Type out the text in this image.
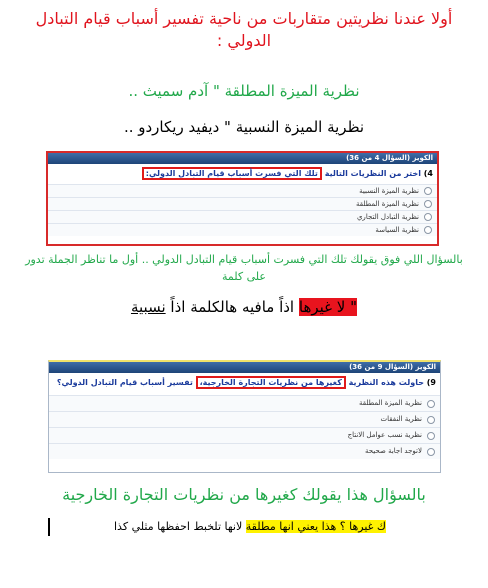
أولا عندنا نظريتين متقاربات من ناحية تفسير أسباب قيام التبادل الدولي :
نظرية الميزة المطلقة " آدم سميث ..
نظرية الميزة النسبية " ديفيد ريكاردو ..
الكويز (السؤال 4 من 36)
4) اختر من النظريات التالية تلك التي فسرت أسباب قيام التبادل الدولي:
نظرية الميزة النسبية
نظرية الميزة المطلقة
نظرية التبادل التجاري
نظرية السياسة
بالسؤال اللي فوق يقولك تلك التي فسرت أسباب قيام التبادل الدولي .. أول ما تناظر الجملة تدور على كلمة
" لا غيرها اذاً مافيه هالكلمة اذاً نسبية
الكويز (السؤال 9 من 36)
9) حاولت هذه النظرية كغيرها من نظريات التجارة الخارجية، تفسير أسباب قيام التبادل الدولي؟
نظرية الميزة المطلقة
نظرية النفقات
نظرية نسب عوامل الانتاج
لاتوجد اجابة صحيحة
بالسؤال هذا يقولك كغيرها من نظريات التجارة الخارجية
ك غيرها ؟ هذا يعني انها مطلقة لانها تلخبط احفظها مثلي كذا
